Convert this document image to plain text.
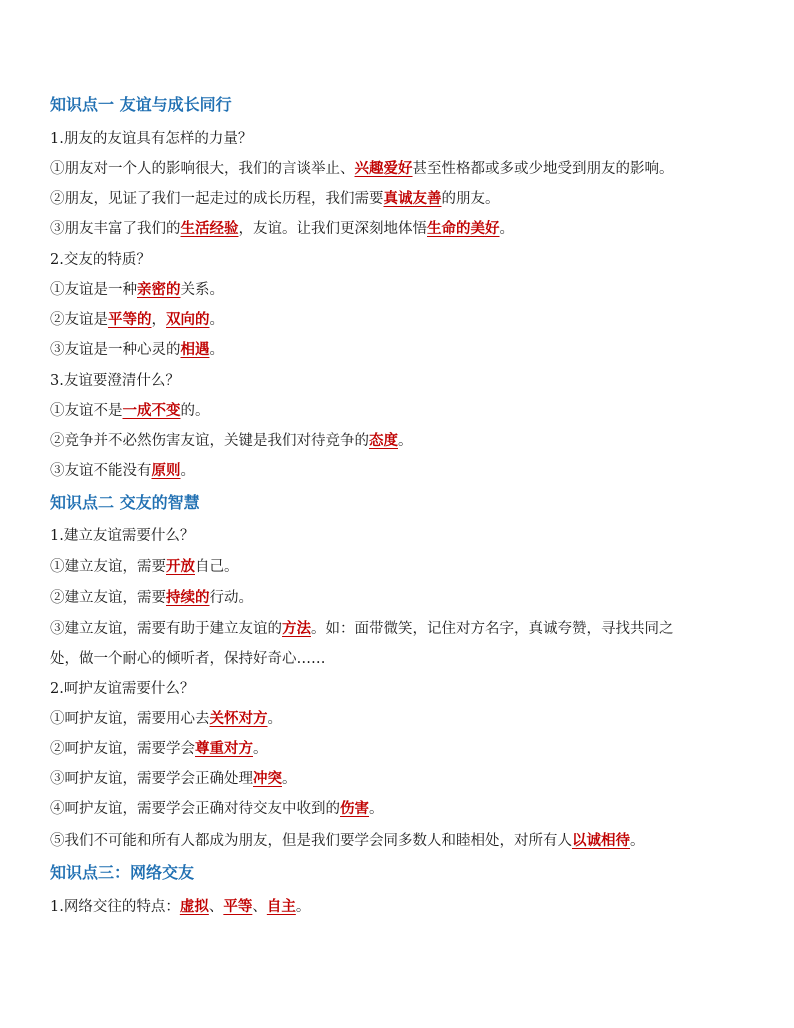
知识点一 友谊与成长同行
1.朋友的友谊具有怎样的力量？
①朋友对一个人的影响很大，我们的言谈举止、兴趣爱好甚至性格都或多或少地受到朋友的影响。
②朋友，见证了我们一起走过的成长历程，我们需要真诚友善的朋友。
③朋友丰富了我们的生活经验，友谊。让我们更深刻地体悟生命的美好。
2.交友的特质？
①友谊是一种亲密的关系。
②友谊是平等的，双向的。
③友谊是一种心灵的相遇。
3.友谊要澄清什么？
①友谊不是一成不变的。
②竞争并不必然伤害友谊，关键是我们对待竞争的态度。
③友谊不能没有原则。
知识点二 交友的智慧
1.建立友谊需要什么？
①建立友谊，需要开放自己。
②建立友谊，需要持续的行动。
③建立友谊，需要有助于建立友谊的方法。如：面带微笑，记住对方名字，真诚夸赞，寻找共同之
处，做一个耐心的倾听者，保持好奇心……
2.呵护友谊需要什么？
①呵护友谊，需要用心去关怀对方。
②呵护友谊，需要学会尊重对方。
③呵护友谊，需要学会正确处理冲突。
④呵护友谊，需要学会正确对待交友中收到的伤害。
⑤我们不可能和所有人都成为朋友，但是我们要学会同多数人和睦相处，对所有人以诚相待。
知识点三：网络交友
1.网络交往的特点：虚拟、平等、自主。
